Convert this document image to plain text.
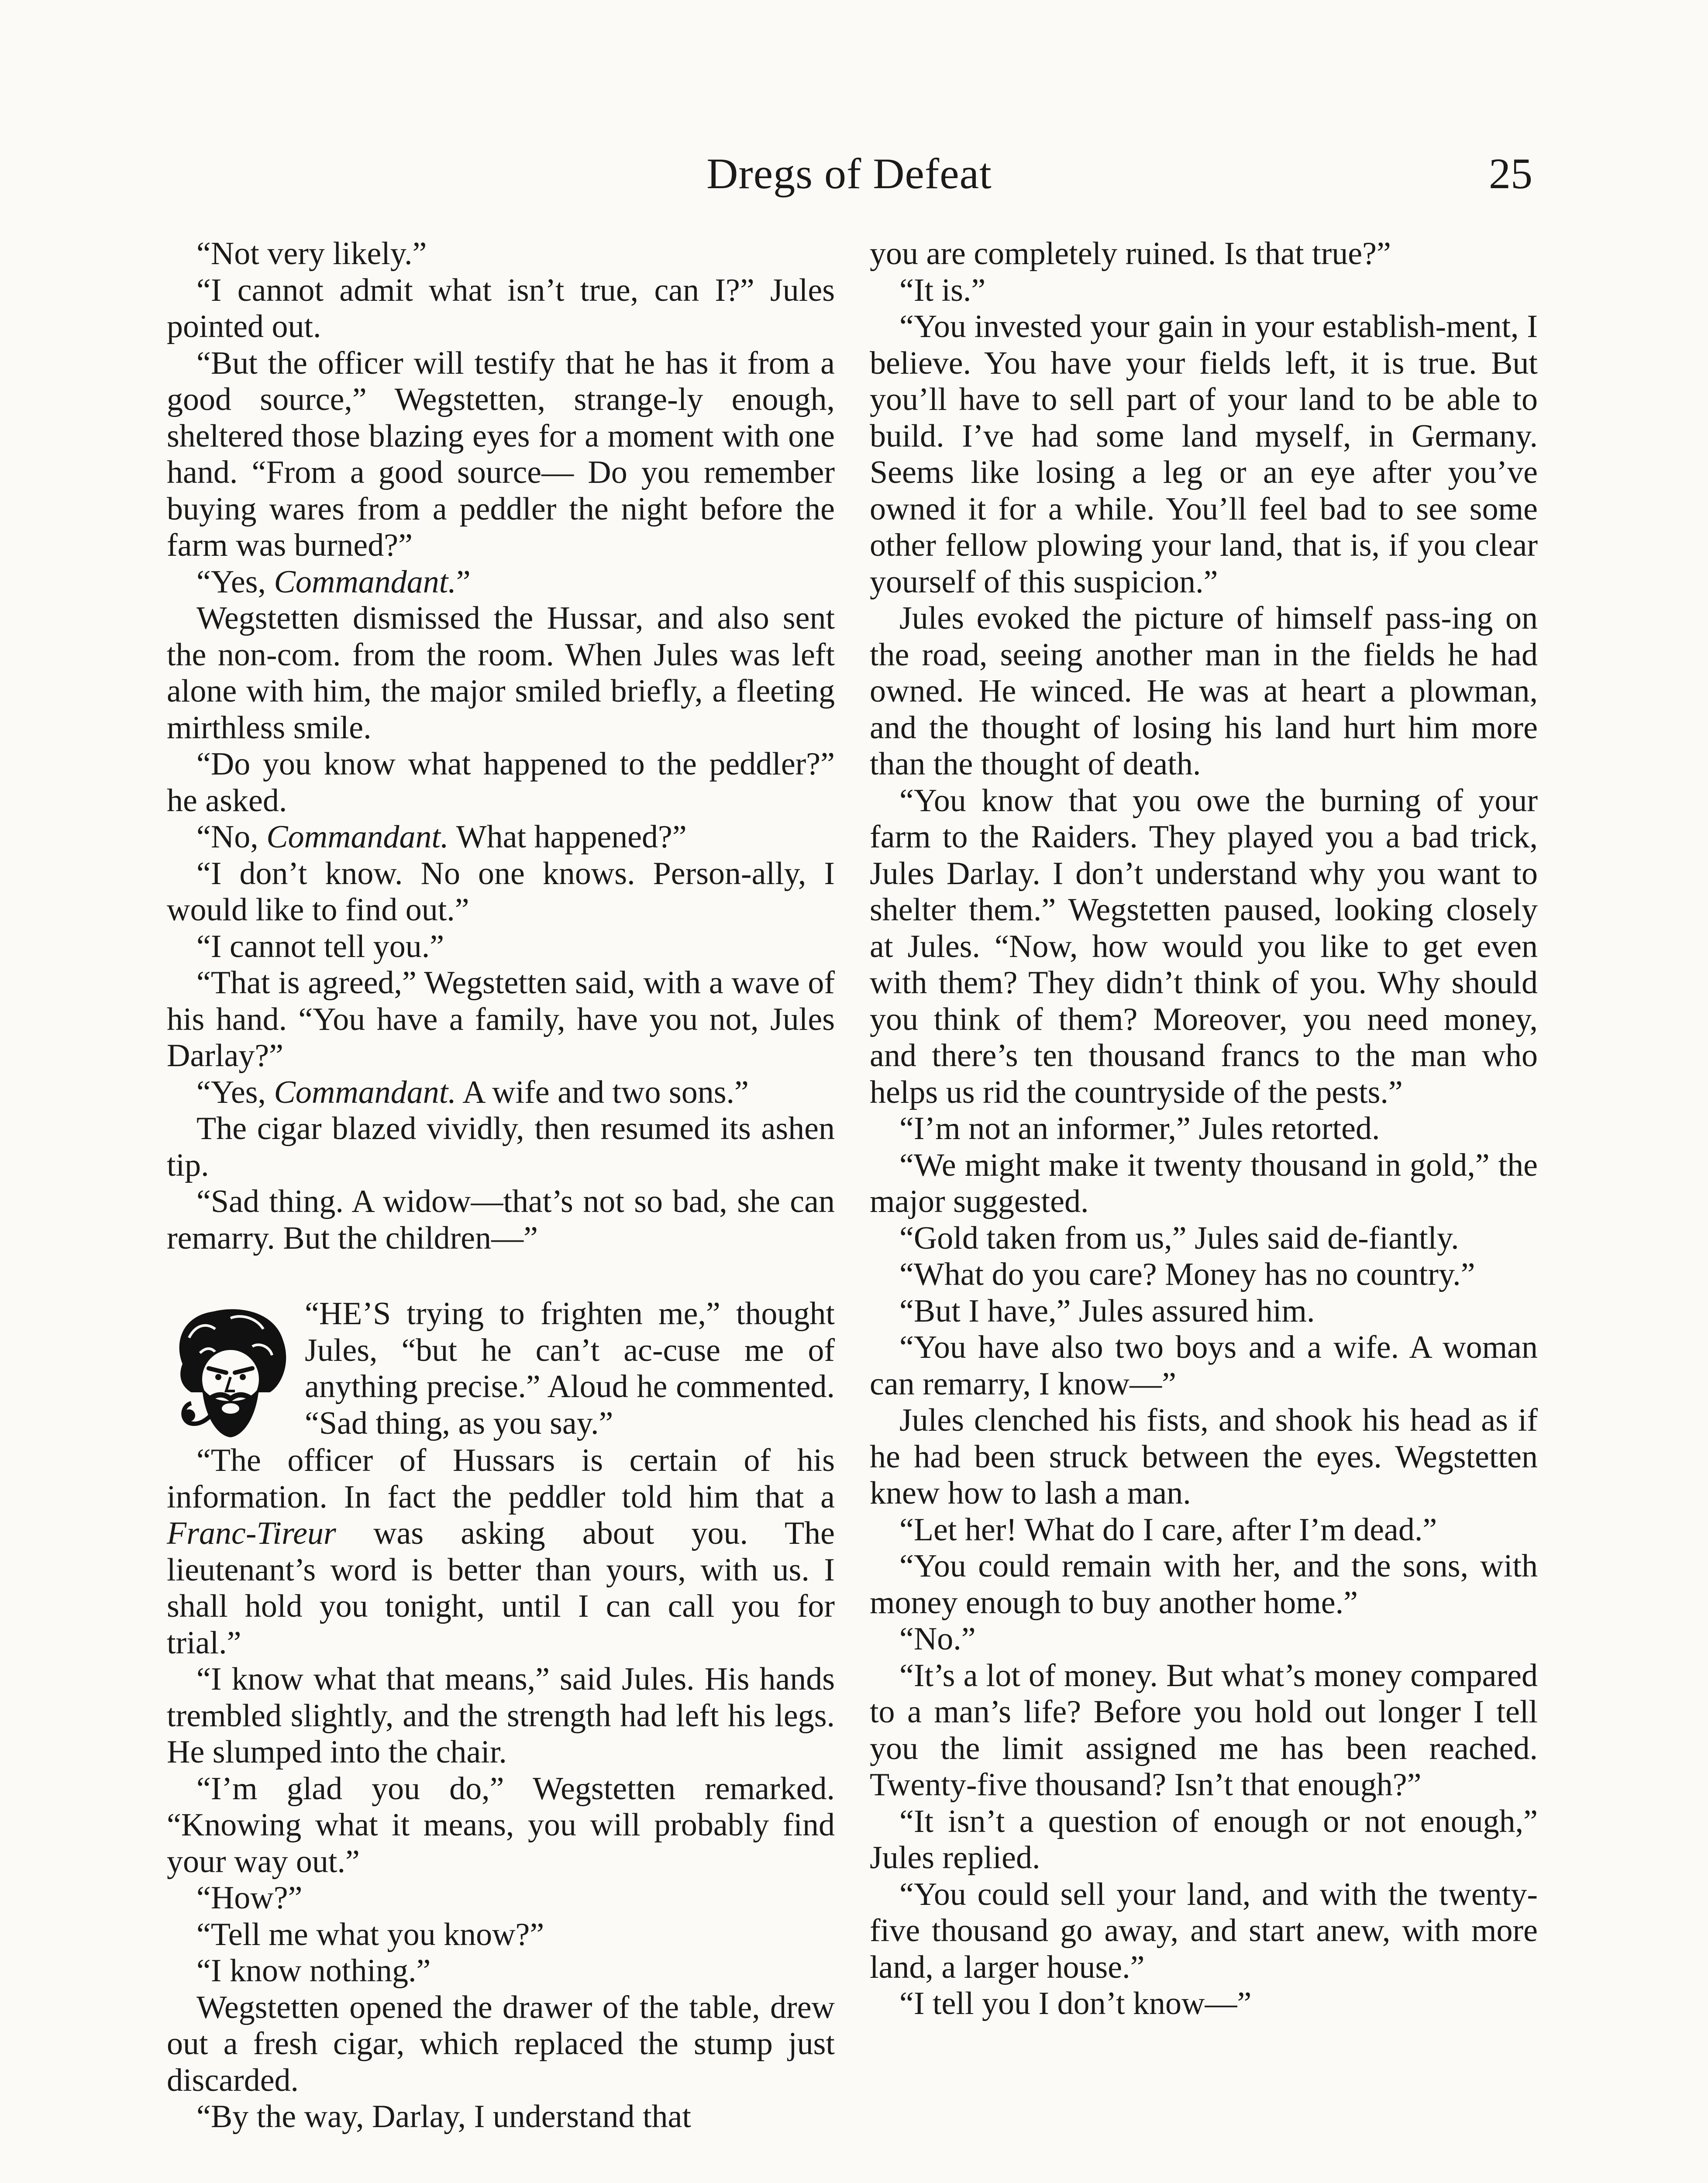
Dregs of Defeat	25

“Not very likely.”

“I cannot admit what isn’t true, can I?” Jules pointed out.

“But the officer will testify that he has it from a good source,” Wegstetten, strange-ly enough, sheltered those blazing eyes for a moment with one hand. “From a good source— Do you remember buying wares from a peddler the night before the farm was burned?”

“Yes, Commandant.”

Wegstetten dismissed the Hussar, and also sent the non-com. from the room. When Jules was left alone with him, the major smiled briefly, a fleeting mirthless smile.

“Do you know what happened to the peddler?” he asked.

“No, Commandant. What happened?”

“I don’t know. No one knows. Person-ally, I would like to find out.”

“I cannot tell you.”

“That is agreed,” Wegstetten said, with a wave of his hand. “You have a family, have you not, Jules Darlay?”

“Yes, Commandant. A wife and two sons.”

The cigar blazed vividly, then resumed its ashen tip.

“Sad thing. A widow—that’s not so bad, she can remarry. But the children—”

“HE’S trying to frighten me,” thought Jules, “but he can’t ac-cuse me of anything precise.” Aloud he commented. “Sad thing, as you say.”

“The officer of Hussars is certain of his information. In fact the peddler told him that a Franc-Tireur was asking about you. The lieutenant’s word is better than yours, with us. I shall hold you tonight, until I can call you for trial.”

“I know what that means,” said Jules. His hands trembled slightly, and the strength had left his legs. He slumped into the chair.

“I’m glad you do,” Wegstetten remarked. “Knowing what it means, you will probably find your way out.”

“How?”

“Tell me what you know?”

“I know nothing.”

Wegstetten opened the drawer of the table, drew out a fresh cigar, which replaced the stump just discarded.

“By the way, Darlay, I understand that

you are completely ruined. Is that true?”

“It is.”

“You invested your gain in your establish-ment, I believe. You have your fields left, it is true. But you’ll have to sell part of your land to be able to build. I’ve had some land myself, in Germany. Seems like losing a leg or an eye after you’ve owned it for a while. You’ll feel bad to see some other fellow plowing your land, that is, if you clear yourself of this suspicion.”

Jules evoked the picture of himself pass-ing on the road, seeing another man in the fields he had owned. He winced. He was at heart a plowman, and the thought of losing his land hurt him more than the thought of death.

“You know that you owe the burning of your farm to the Raiders. They played you a bad trick, Jules Darlay. I don’t understand why you want to shelter them.” Wegstetten paused, looking closely at Jules. “Now, how would you like to get even with them? They didn’t think of you. Why should you think of them? Moreover, you need money, and there’s ten thousand francs to the man who helps us rid the countryside of the pests.”

“I’m not an informer,” Jules retorted.

“We might make it twenty thousand in gold,” the major suggested.

“Gold taken from us,” Jules said de-fiantly.

“What do you care? Money has no country.”

“But I have,” Jules assured him.

“You have also two boys and a wife. A woman can remarry, I know—”

Jules clenched his fists, and shook his head as if he had been struck between the eyes. Wegstetten knew how to lash a man.

“Let her! What do I care, after I’m dead.”

“You could remain with her, and the sons, with money enough to buy another home.”

“No.”

“It’s a lot of money. But what’s money compared to a man’s life? Before you hold out longer I tell you the limit assigned me has been reached. Twenty-five thousand? Isn’t that enough?”

“It isn’t a question of enough or not enough,” Jules replied.

“You could sell your land, and with the twenty-five thousand go away, and start anew, with more land, a larger house.”

“I tell you I don’t know—”
